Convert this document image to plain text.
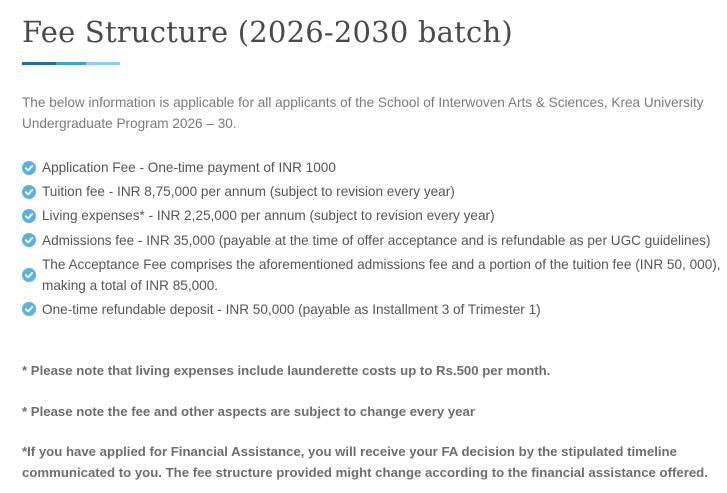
Fee Structure (2026-2030 batch)

The below information is applicable for all applicants of the School of Interwoven Arts & Sciences, Krea University Undergraduate Program 2026 – 30.

Application Fee - One-time payment of INR 1000
Tuition fee - INR 8,75,000 per annum (subject to revision every year)
Living expenses* - INR 2,25,000 per annum (subject to revision every year)
Admissions fee - INR 35,000 (payable at the time of offer acceptance and is refundable as per UGC guidelines)
The Acceptance Fee comprises the aforementioned admissions fee and a portion of the tuition fee (INR 50, 000), making a total of INR 85,000.
One-time refundable deposit - INR 50,000 (payable as Installment 3 of Trimester 1)

* Please note that living expenses include launderette costs up to Rs.500 per month.

* Please note the fee and other aspects are subject to change every year

*If you have applied for Financial Assistance, you will receive your FA decision by the stipulated timeline communicated to you. The fee structure provided might change according to the financial assistance offered.
